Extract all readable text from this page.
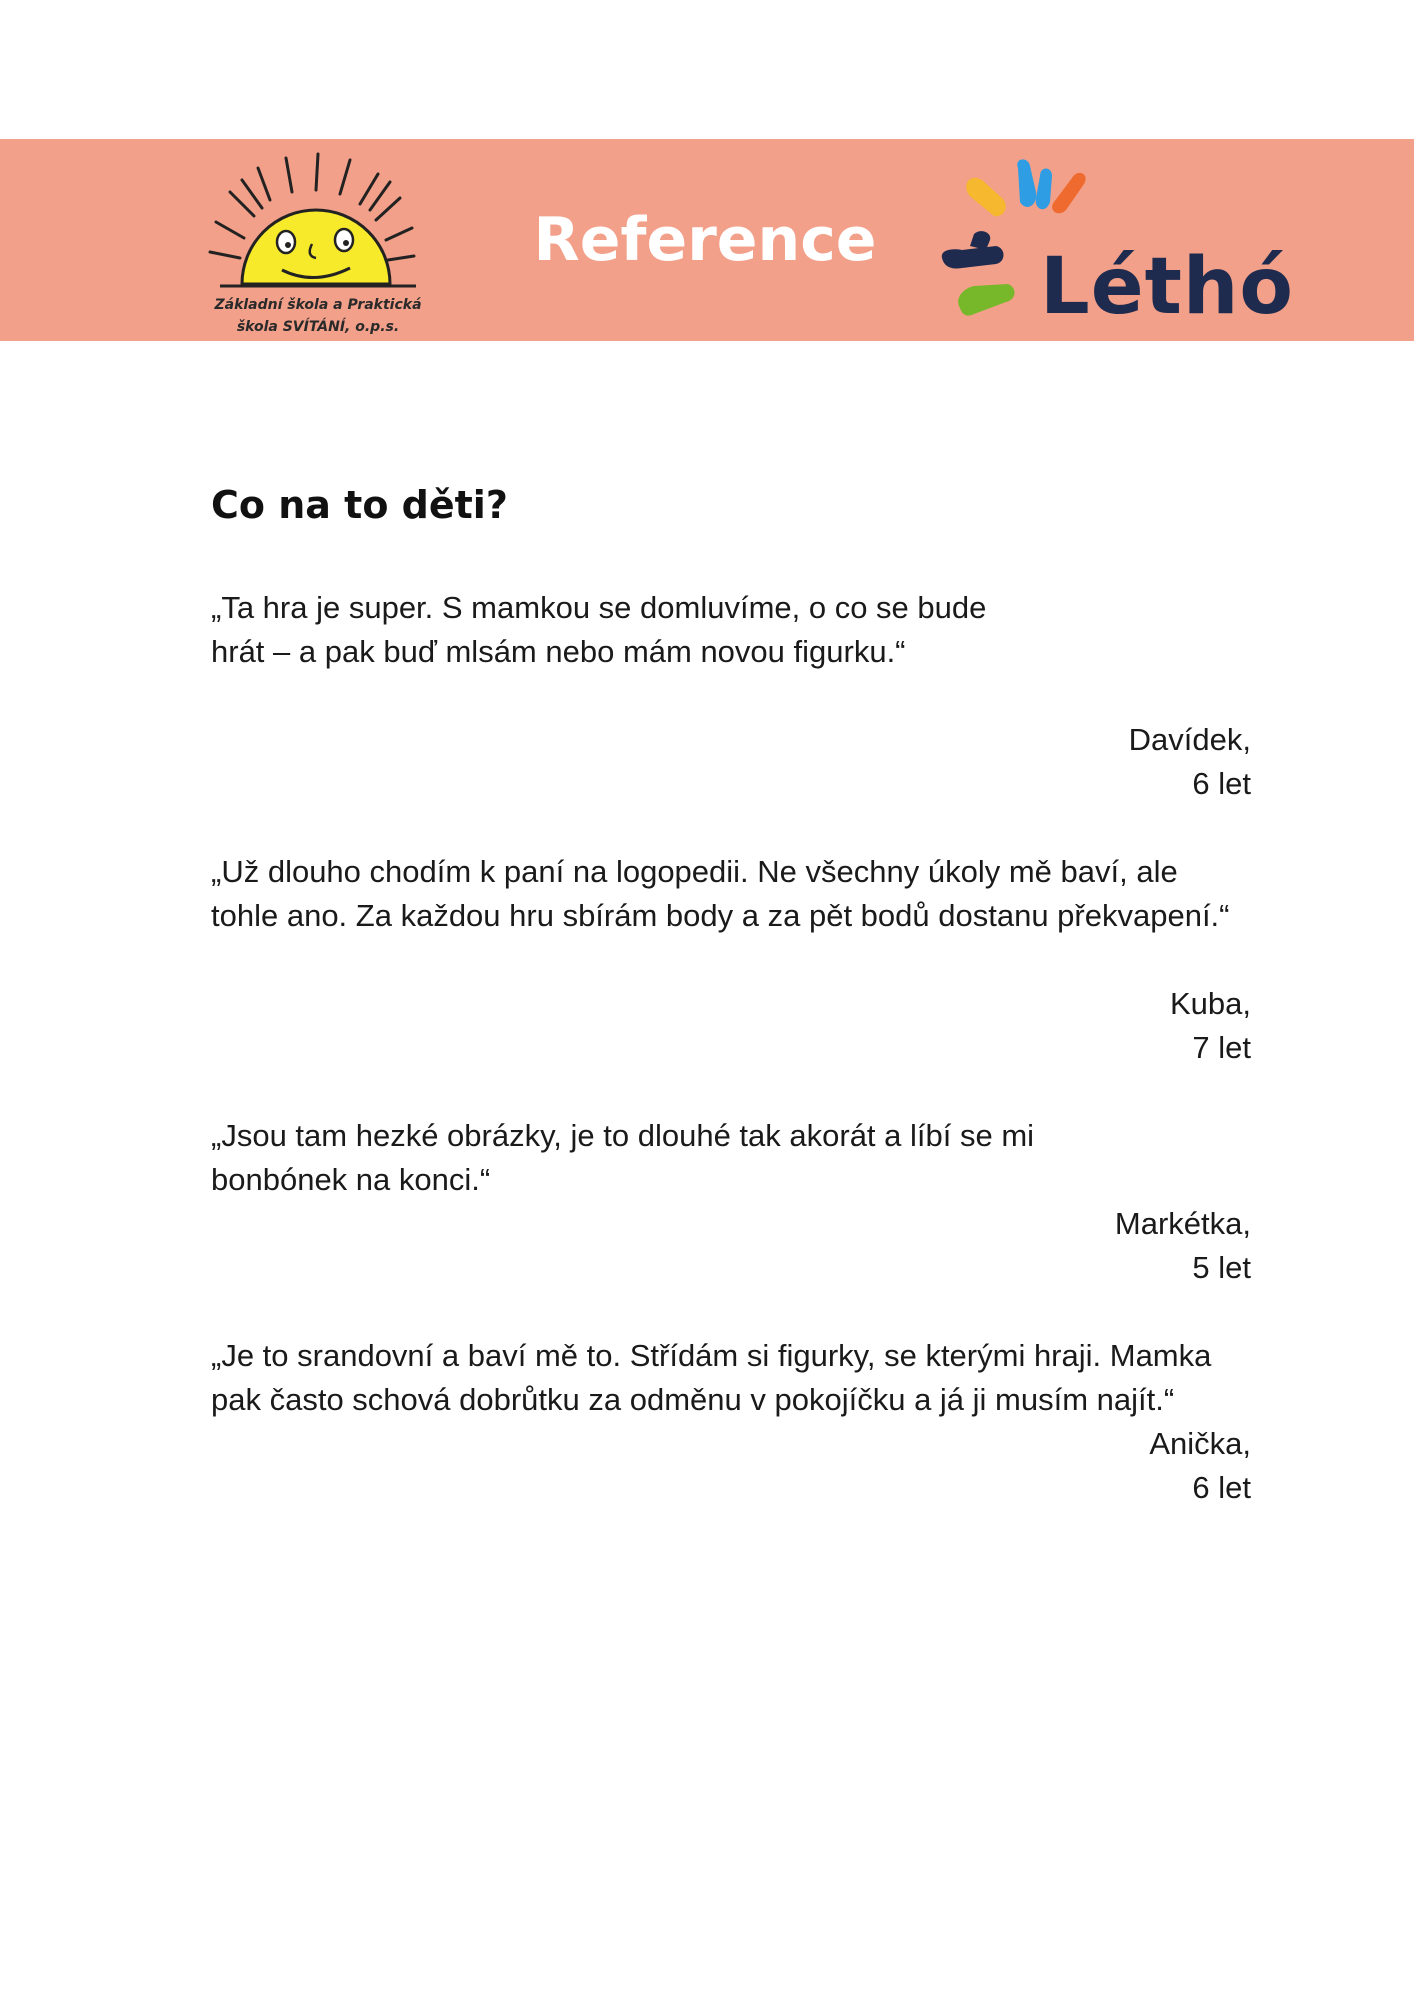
Základní škola a Praktická
škola SVÍTÁNÍ, o.p.s.
Reference
Léthó
Co na to děti?

„Ta hra je super. S mamkou se domluvíme, o co se bude hrát – a pak buď mlsám nebo mám novou figurku.“

Davídek,
6 let

„Už dlouho chodím k paní na logopedii. Ne všechny úkoly mě baví, ale tohle ano. Za každou hru sbírám body a za pět bodů dostanu překvapení.“

Kuba,
7 let

„Jsou tam hezké obrázky, je to dlouhé tak akorát a líbí se mi bonbónek na konci.“

Markétka,
5 let

„Je to srandovní a baví mě to. Střídám si figurky, se kterými hraji. Mamka pak často schová dobrůtku za odměnu v pokojíčku a já ji musím najít.“

Anička,
6 let
